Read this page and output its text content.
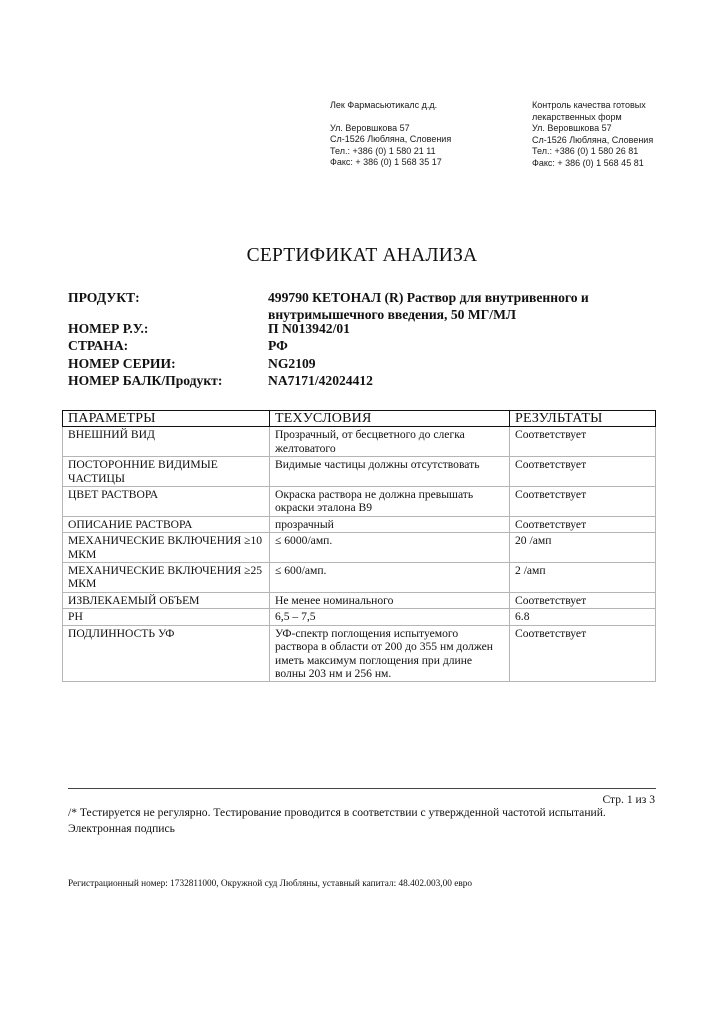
Лек Фармасьютикалс д.д.
Ул. Веровшкова 57
Сл-1526 Любляна, Словения
Тел.: +386 (0) 1 580 21 11
Факс: + 386 (0) 1 568 35 17
Контроль качества готовых
лекарственных форм
Ул. Веровшкова 57
Сл-1526 Любляна, Словения
Тел.: +386 (0) 1 580 26 81
Факс: + 386 (0) 1 568 45 81
СЕРТИФИКАТ АНАЛИЗА
ПРОДУКТ:	499790 КЕТОНАЛ (R) Раствор для внутривенного и внутримышечного введения, 50 МГ/МЛ
НОМЕР Р.У.:	П N013942/01
СТРАНА:	РФ
НОМЕР СЕРИИ:	NG2109
НОМЕР БАЛК/Продукт:	NA7171/42024412
ПАРАМЕТРЫ	ТЕХУСЛОВИЯ	РЕЗУЛЬТАТЫ
ВНЕШНИЙ ВИД	Прозрачный, от бесцветного до слегка желтоватого	Соответствует
ПОСТОРОННИЕ ВИДИМЫЕ ЧАСТИЦЫ	Видимые частицы должны отсутствовать	Соответствует
ЦВЕТ РАСТВОРА	Окраска раствора не должна превышать окраски эталона В9	Соответствует
ОПИСАНИЕ РАСТВОРА	прозрачный	Соответствует
МЕХАНИЧЕСКИЕ ВКЛЮЧЕНИЯ ≥10 МКМ	≤ 6000/амп.	20 /амп
МЕХАНИЧЕСКИЕ ВКЛЮЧЕНИЯ ≥25 МКМ	≤ 600/амп.	2 /амп
ИЗВЛЕКАЕМЫЙ ОБЪЕМ	Не менее номинального	Соответствует
PH	6,5 – 7,5	6.8
ПОДЛИННОСТЬ УФ	УФ-спектр поглощения испытуемого раствора в области от 200 до 355 нм должен иметь максимум поглощения при длине волны 203 нм и 256 нм.	Соответствует
Стр. 1 из 3
/* Тестируется не регулярно. Тестирование проводится в соответствии с утвержденной частотой испытаний.
Электронная подпись
Регистрационный номер: 1732811000, Окружной суд Любляны, уставный капитал: 48.402.003,00 евро
